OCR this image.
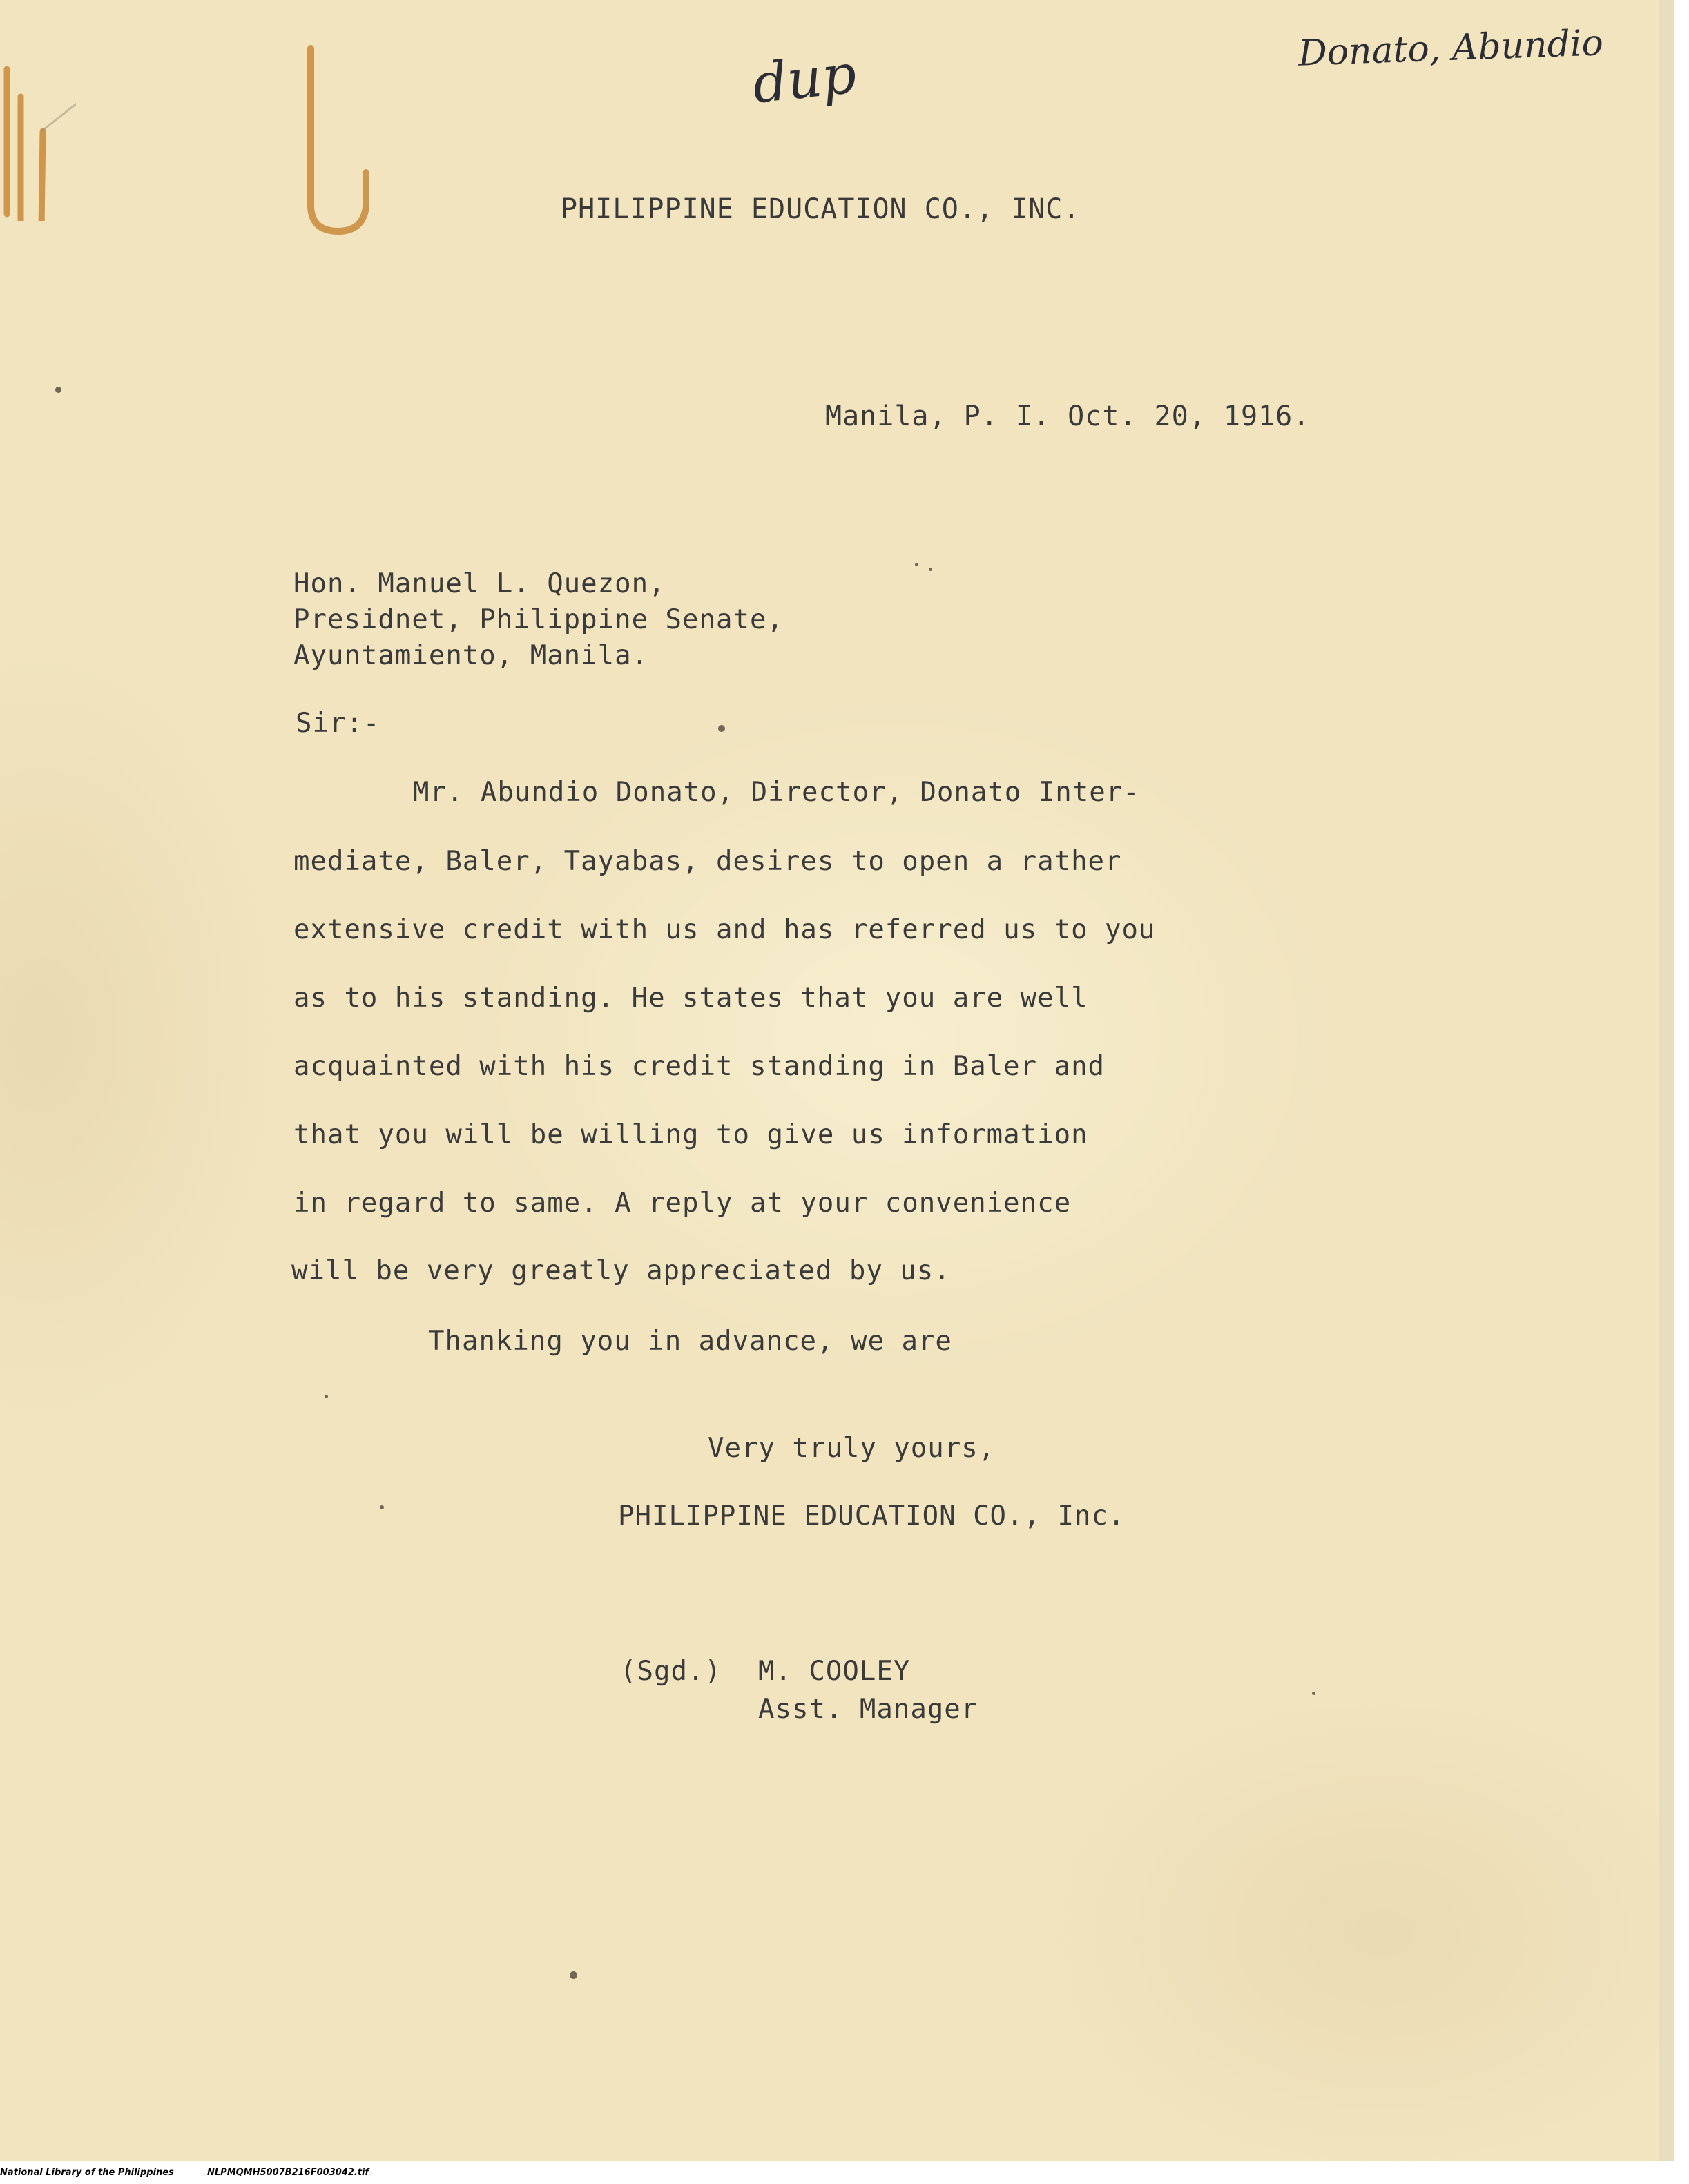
dup	Donato, Abundio
PHILIPPINE EDUCATION CO., INC.
Manila, P. I. Oct. 20, 1916.
Hon. Manuel L. Quezon,
Presidnet, Philippine Senate,
Ayuntamiento, Manila.
Sir:-
Mr. Abundio Donato, Director, Donato Inter-
mediate, Baler, Tayabas, desires to open a rather
extensive credit with us and has referred us to you
as to his standing. He states that you are well
acquainted with his credit standing in Baler and
that you will be willing to give us information
in regard to same. A reply at your convenience
will be very greatly appreciated by us.
Thanking you in advance, we are
Very truly yours,
PHILIPPINE EDUCATION CO., Inc.
(Sgd.) M. COOLEY
Asst. Manager
National Library of the Philippines	NLPMQMH5007B216F003042.tif
